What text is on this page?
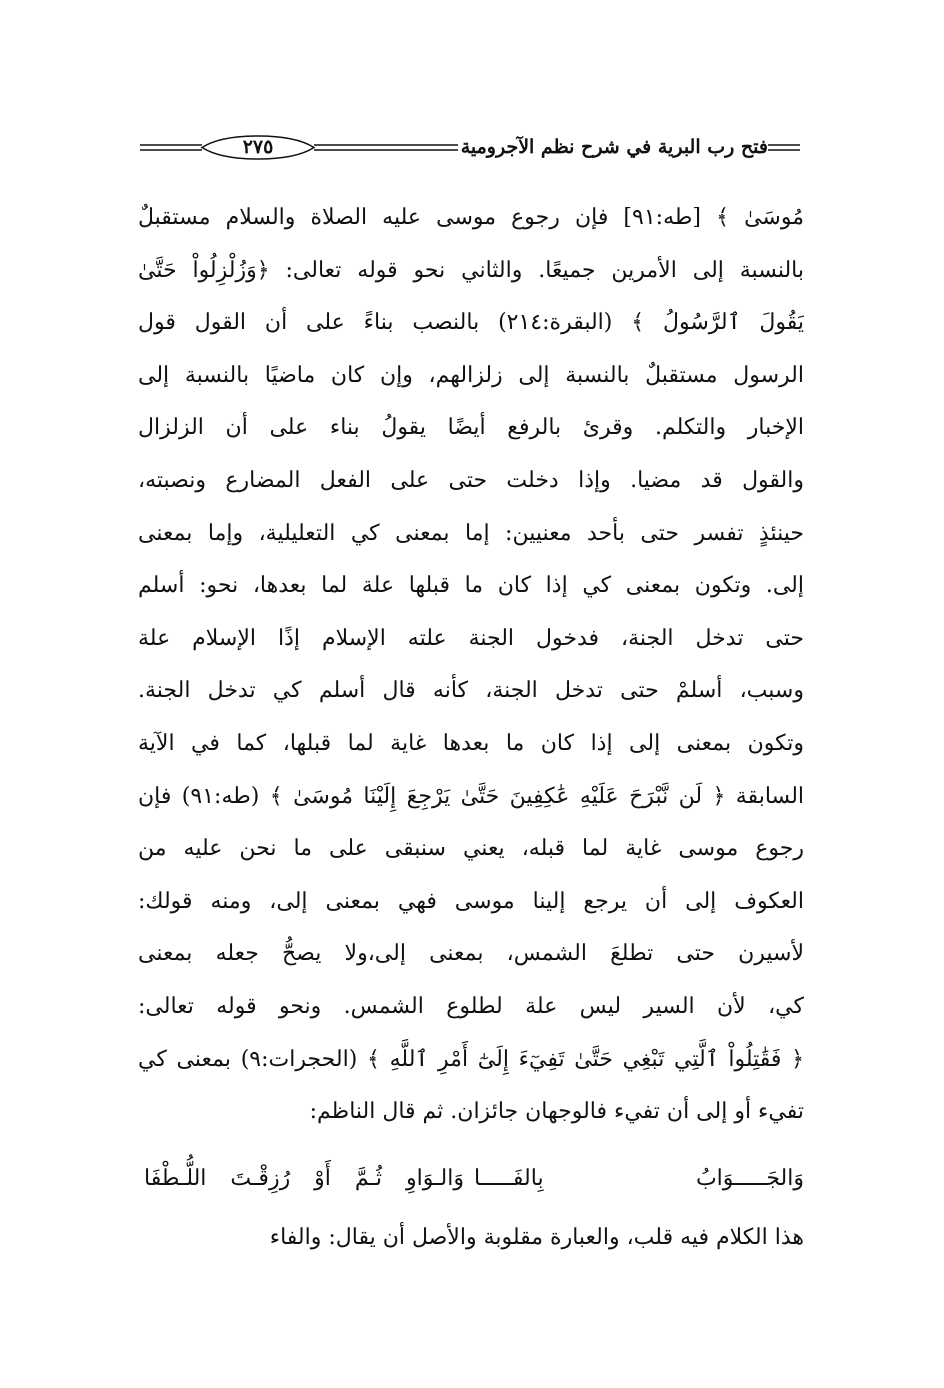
٢٧٥	فتح رب البرية في شرح نظم الآجرومية
مُوسَىٰ ﴾ [طه:٩١] فإن رجوع موسى عليه الصلاة والسلام مستقبلٌ
بالنسبة إلى الأمرين جميعًا. والثاني نحو قوله تعالى: ﴿وَزُلْزِلُواْ حَتَّىٰ
يَقُولَ ٱلرَّسُولُ ﴾ (البقرة:٢١٤) بالنصب بناءً على أن القول قول
الرسول مستقبلٌ بالنسبة إلى زلزالهم، وإن كان ماضيًا بالنسبة إلى
الإخبار والتكلم. وقرئ بالرفع أيضًا يقولُ بناء على أن الزلزال
والقول قد مضيا. وإذا دخلت حتى على الفعل المضارع ونصبته،
حينئذٍ تفسر حتى بأحد معنيين: إما بمعنى كي التعليلية، وإما بمعنى
إلى. وتكون بمعنى كي إذا كان ما قبلها علة لما بعدها، نحو: أسلم
حتى تدخل الجنة، فدخول الجنة علته الإسلام إذًا الإسلام علة
وسبب، أسلمْ حتى تدخل الجنة، كأنه قال أسلم كي تدخل الجنة.
وتكون بمعنى إلى إذا كان ما بعدها غاية لما قبلها، كما في الآية
السابقة ﴿ لَن نَّبْرَحَ عَلَيْهِ عَٰكِفِينَ حَتَّىٰ يَرْجِعَ إِلَيْنَا مُوسَىٰ ﴾ (طه:٩١) فإن
رجوع موسى غاية لما قبله، يعني سنبقى على ما نحن عليه من
العكوف إلى أن يرجع إلينا موسى فهي بمعنى إلى، ومنه قولك:
لأسيرن حتى تطلعَ الشمس، بمعنى إلى،ولا يصحُّ جعله بمعنى
كي، لأن السير ليس علة لطلوع الشمس. ونحو قوله تعالى:
﴿ فَقَٰتِلُواْ ٱلَّتِي تَبْغِي حَتَّىٰ تَفِيٓءَ إِلَىٰٓ أَمْرِ ٱللَّهِ ﴾ (الحجرات:٩) بمعنى كي
تفيء أو إلى أن تفيء فالوجهان جائزان. ثم قال الناظم:
وَالجَـــــوَابُ بِالفَـــــا
وَالـوَاوِ ثُـمَّ أَوْ رُزِقْـتَ اللُّـطْفَا
هذا الكلام فيه قلب، والعبارة مقلوبة والأصل أن يقال: والفاء
